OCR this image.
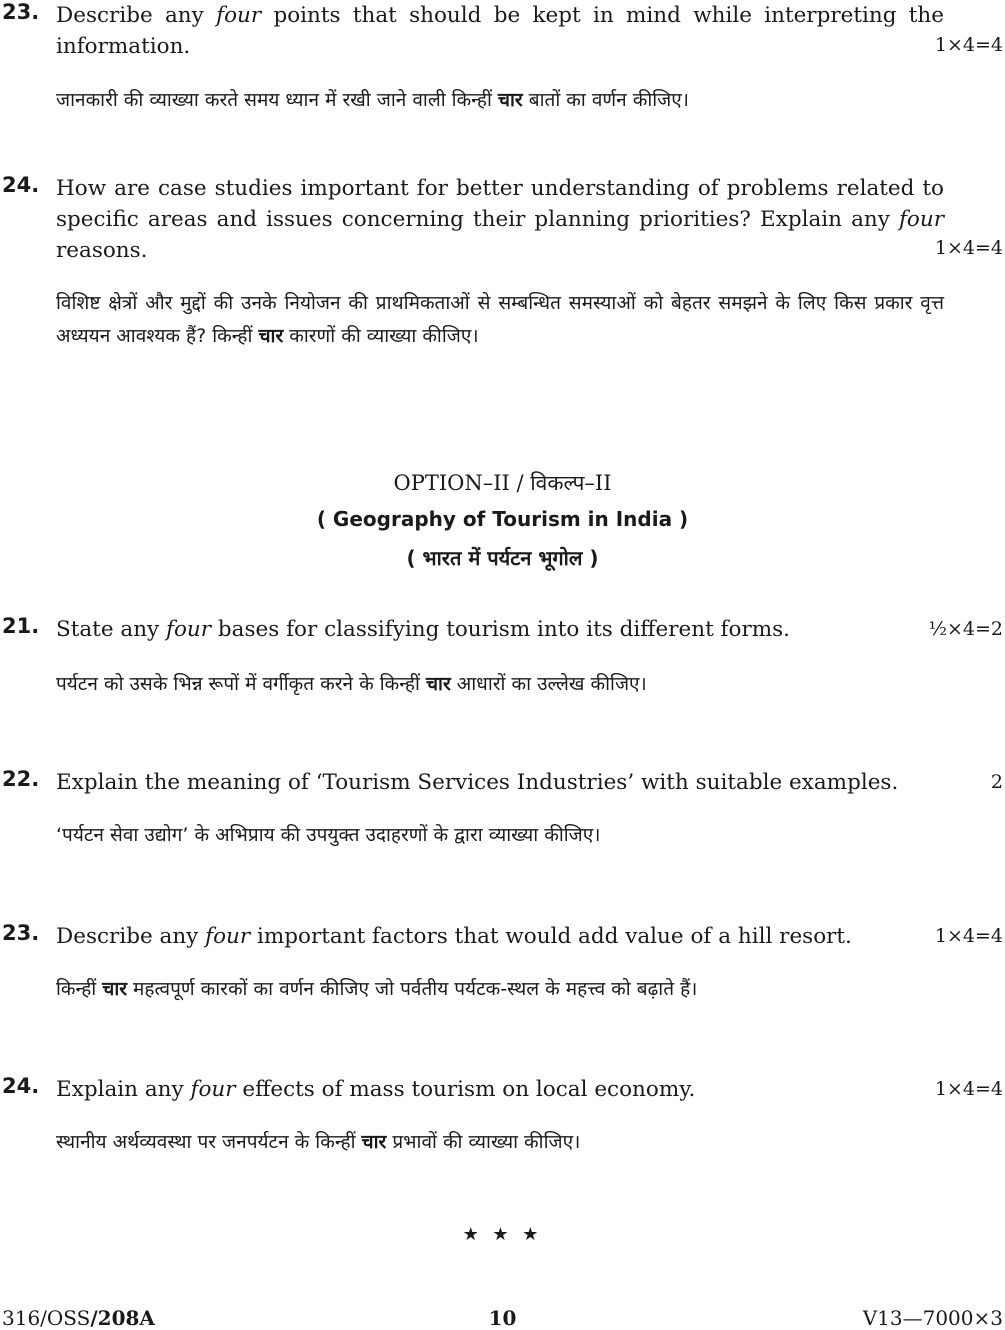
23. Describe any four points that should be kept in mind while interpreting the information.	1×4=4
जानकारी की व्याख्या करते समय ध्यान में रखी जाने वाली किन्हीं चार बातों का वर्णन कीजिए।
24. How are case studies important for better understanding of problems related to specific areas and issues concerning their planning priorities? Explain any four reasons.	1×4=4
विशिष्ट क्षेत्रों और मुद्दों की उनके नियोजन की प्राथमिकताओं से सम्बन्धित समस्याओं को बेहतर समझने के लिए किस प्रकार वृत्त अध्ययन आवश्यक हैं? किन्हीं चार कारणों की व्याख्या कीजिए।
OPTION–II / विकल्प–II
( Geography of Tourism in India )
( भारत में पर्यटन भूगोल )
21. State any four bases for classifying tourism into its different forms.	½×4=2
पर्यटन को उसके भिन्न रूपों में वर्गीकृत करने के किन्हीं चार आधारों का उल्लेख कीजिए।
22. Explain the meaning of ‘Tourism Services Industries’ with suitable examples.	2
‘पर्यटन सेवा उद्योग’ के अभिप्राय की उपयुक्त उदाहरणों के द्वारा व्याख्या कीजिए।
23. Describe any four important factors that would add value of a hill resort.	1×4=4
किन्हीं चार महत्वपूर्ण कारकों का वर्णन कीजिए जो पर्वतीय पर्यटक-स्थल के महत्त्व को बढ़ाते हैं।
24. Explain any four effects of mass tourism on local economy.	1×4=4
स्थानीय अर्थव्यवस्था पर जनपर्यटन के किन्हीं चार प्रभावों की व्याख्या कीजिए।
★ ★ ★
316/OSS/208A	10	V13—7000×3
